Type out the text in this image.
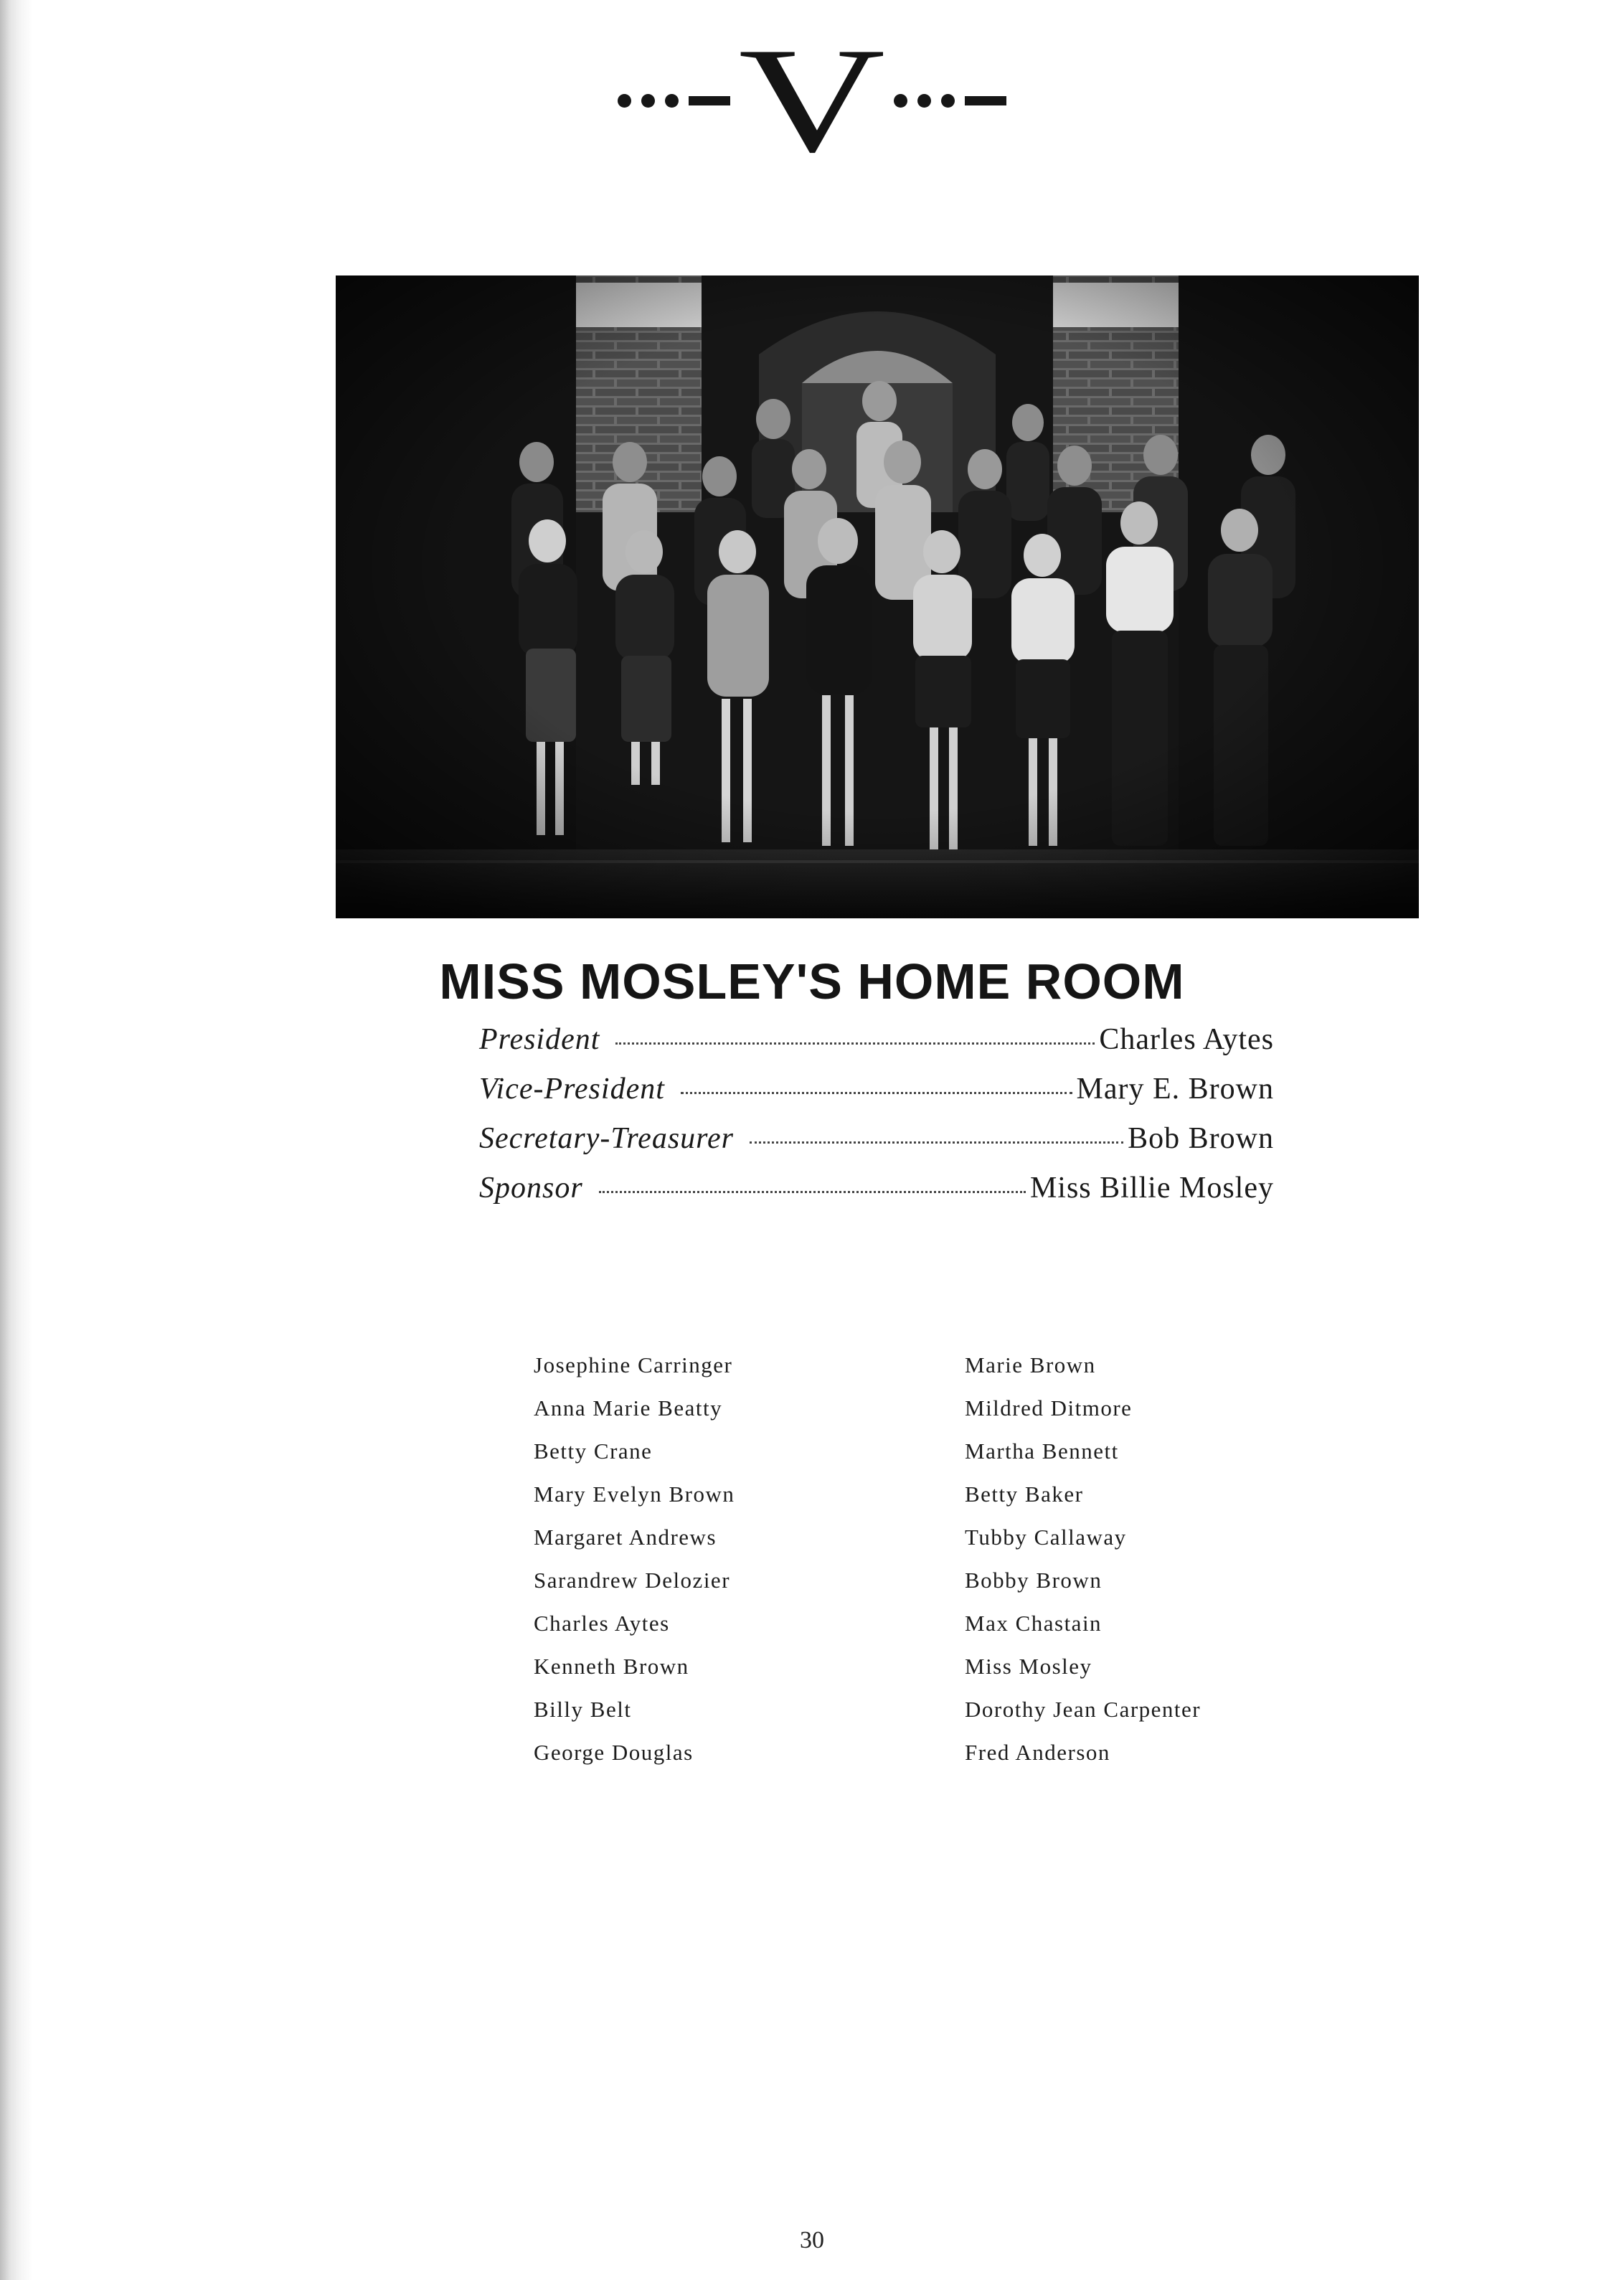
V
MISS MOSLEY'S HOME ROOM
President	Charles Aytes
Vice-President	Mary E. Brown
Secretary-Treasurer	Bob Brown
Sponsor	Miss Billie Mosley
Josephine Carringer
Anna Marie Beatty
Betty Crane
Mary Evelyn Brown
Margaret Andrews
Sarandrew Delozier
Charles Aytes
Kenneth Brown
Billy Belt
George Douglas
Marie Brown
Mildred Ditmore
Martha Bennett
Betty Baker
Tubby Callaway
Bobby Brown
Max Chastain
Miss Mosley
Dorothy Jean Carpenter
Fred Anderson
30
